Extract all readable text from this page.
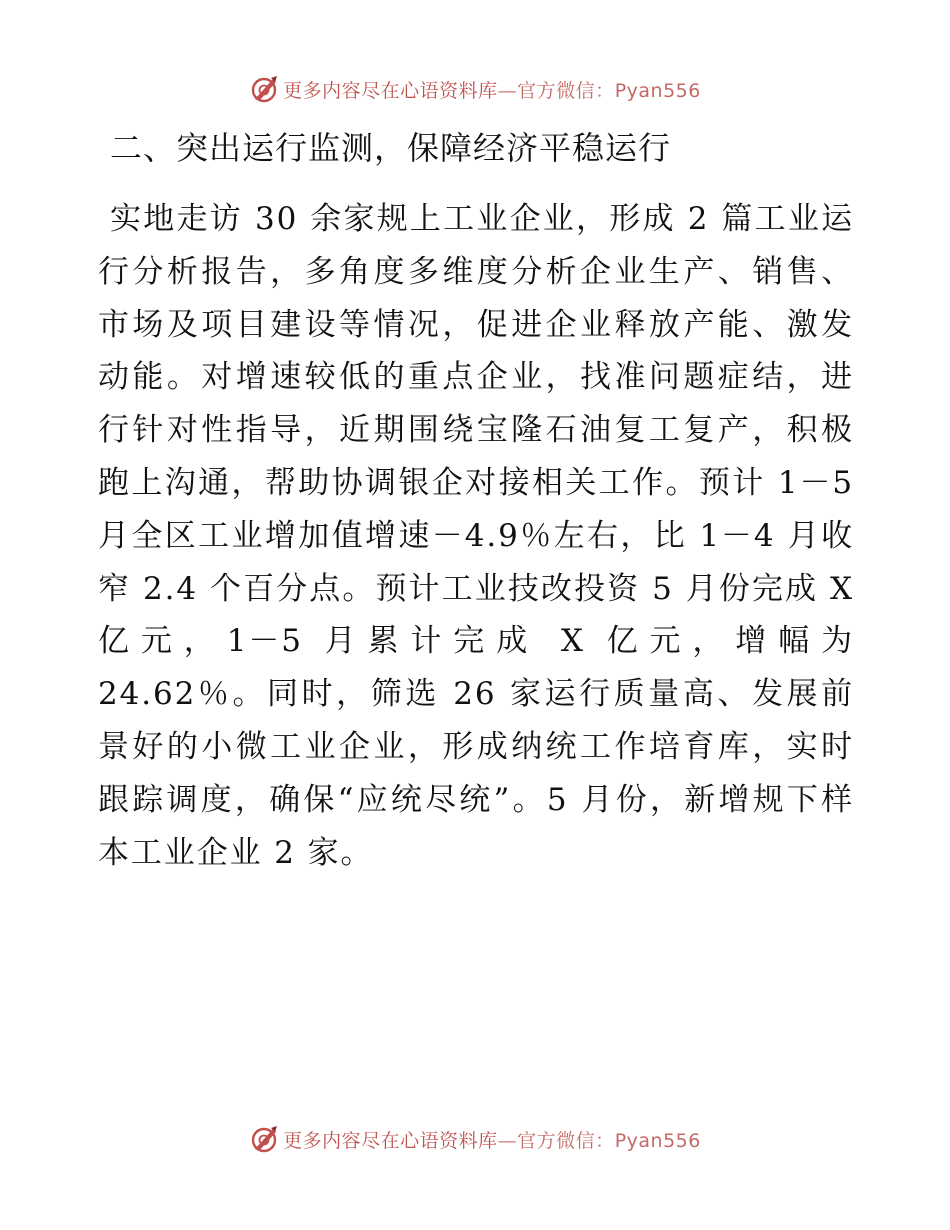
更多内容尽在心语资料库—官方微信：Pyan556
二、突出运行监测，保障经济平稳运行

实地走访 30 余家规上工业企业，形成 2 篇工业运行分析报告，多角度多维度分析企业生产、销售、市场及项目建设等情况，促进企业释放产能、激发动能。对增速较低的重点企业，找准问题症结，进行针对性指导，近期围绕宝隆石油复工复产，积极跑上沟通，帮助协调银企对接相关工作。预计 1－5 月全区工业增加值增速－4.9％左右，比 1－4 月收窄 2.4 个百分点。预计工业技改投资 5 月份完成 X 亿元，1－5 月累计完成 X 亿元，增幅为 24.62％。同时，筛选 26 家运行质量高、发展前景好的小微工业企业，形成纳统工作培育库，实时跟踪调度，确保“应统尽统”。5 月份，新增规下样本工业企业 2 家。

更多内容尽在心语资料库—官方微信：Pyan556
